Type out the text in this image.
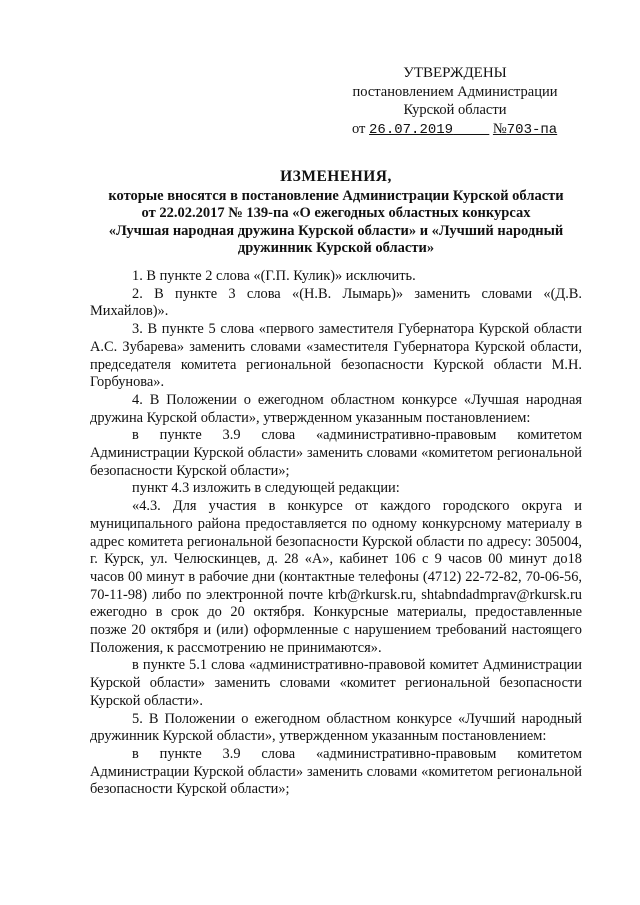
УТВЕРЖДЕНЫ
постановлением Администрации
Курской области
от 26.07.2019	№703-па
ИЗМЕНЕНИЯ,
которые вносятся в постановление Администрации Курской области
от 22.02.2017 № 139-па «О ежегодных областных конкурсах
«Лучшая народная дружина Курской области» и «Лучший народный
дружинник Курской области»

1. В пункте 2 слова «(Г.П. Кулик)» исключить.

2. В пункте 3 слова «(Н.В. Лымарь)» заменить словами «(Д.В. Михайлов)».

3. В пункте 5 слова «первого заместителя Губернатора Курской области А.С. Зубарева» заменить словами «заместителя Губернатора Курской области, председателя комитета региональной безопасности Курской области М.Н. Горбунова».

4. В Положении о ежегодном областном конкурсе «Лучшая народная дружина Курской области», утвержденном указанным постановлением:

в пункте 3.9 слова «административно-правовым комитетом Администрации Курской области» заменить словами «комитетом региональной безопасности Курской области»;

пункт 4.3 изложить в следующей редакции:

«4.3. Для участия в конкурсе от каждого городского округа и муниципального района предоставляется по одному конкурсному материалу в адрес комитета региональной безопасности Курской области по адресу: 305004, г. Курск, ул. Челюскинцев, д. 28 «А», кабинет 106 с 9 часов 00 минут до18 часов 00 минут в рабочие дни (контактные телефоны (4712) 22-72-82, 70-06-56, 70-11-98) либо по электронной почте krb@rkursk.ru, shtabndadmprav@rkursk.ru ежегодно в срок до 20 октября. Конкурсные материалы, предоставленные позже 20 октября и (или) оформленные с нарушением требований настоящего Положения, к рассмотрению не принимаются».

в пункте 5.1 слова «административно-правовой комитет Администрации Курской области» заменить словами «комитет региональной безопасности Курской области».

5. В Положении о ежегодном областном конкурсе «Лучший народный дружинник Курской области», утвержденном указанным постановлением:

в пункте 3.9 слова «административно-правовым комитетом Администрации Курской области» заменить словами «комитетом региональной безопасности Курской области»;
